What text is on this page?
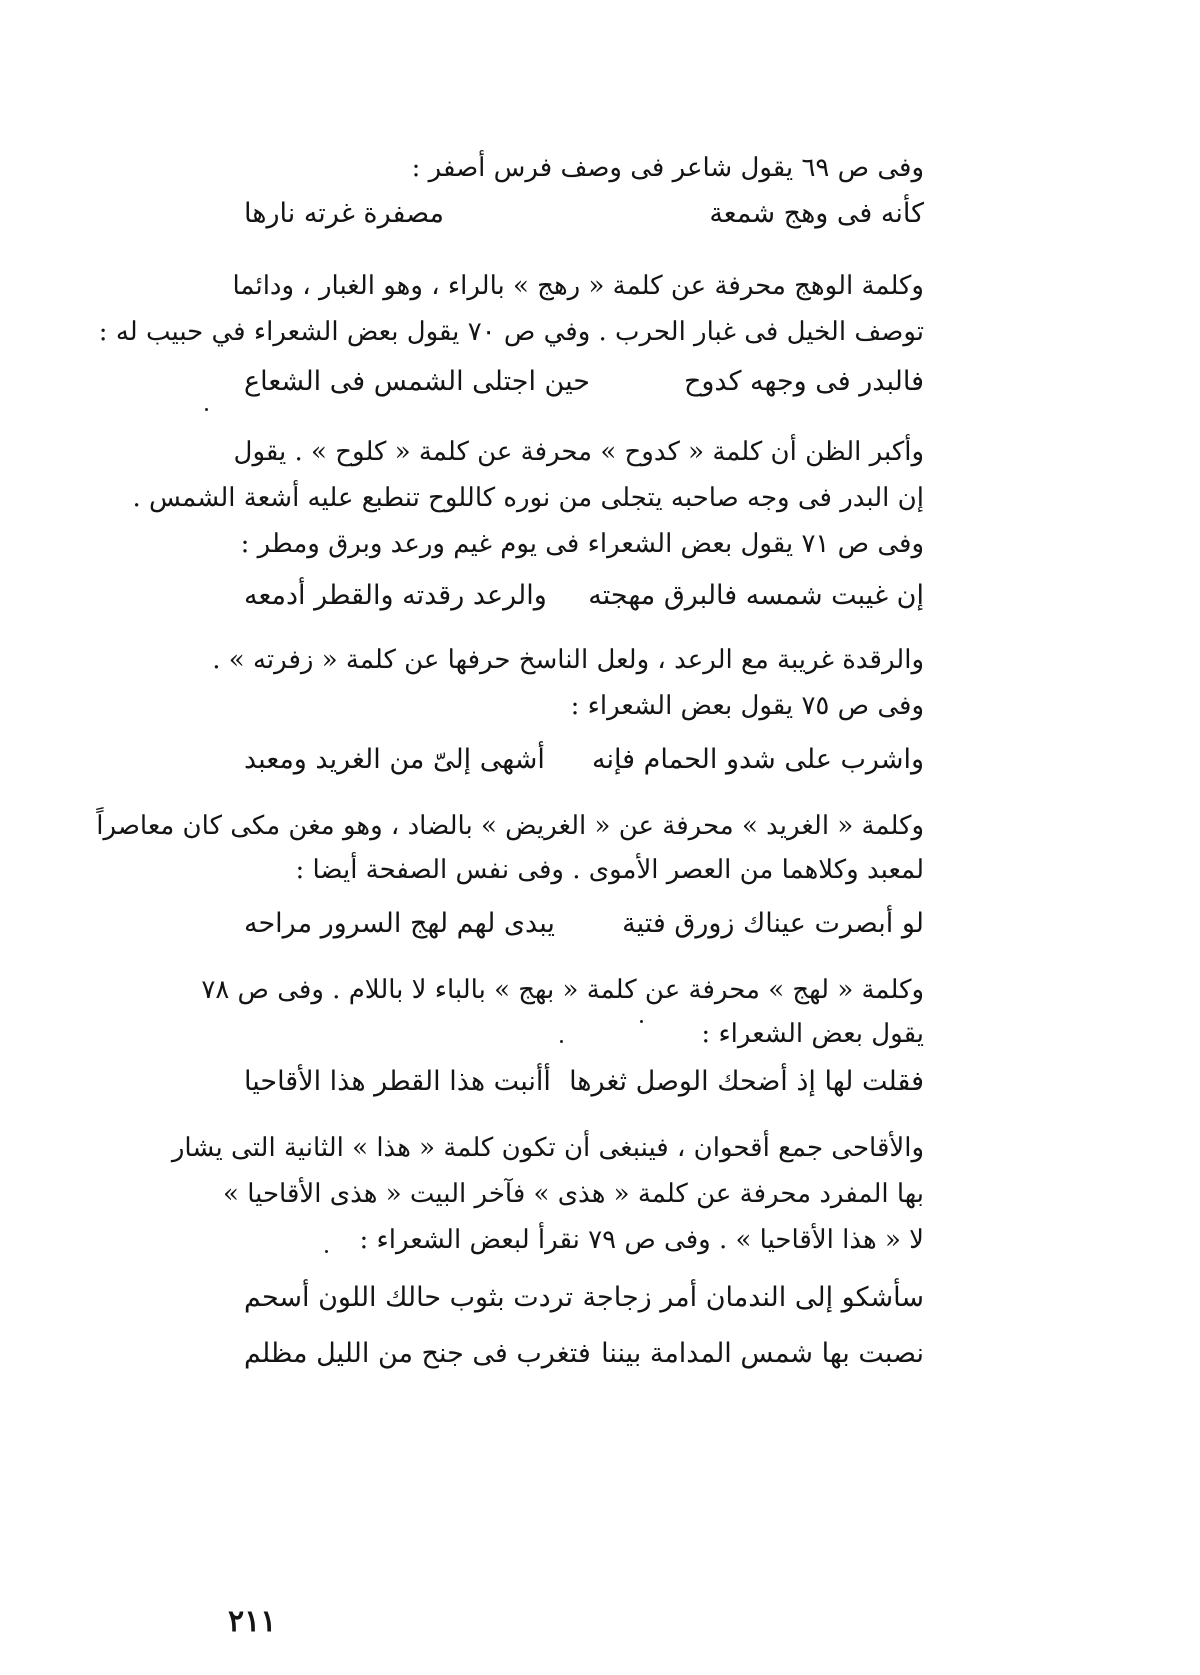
وفى ص ٦٩ يقول شاعر فى وصف فرس أصفر :
كأنه فى وهج شمعة
مصفرة غرته نارها
وكلمة الوهج محرفة عن كلمة « رهج » بالراء ، وهو الغبار ، ودائما
توصف الخيل فى غبار الحرب . وفي ص ٧٠ يقول بعض الشعراء في حبيب له :
فالبدر فى وجهه كدوح
حين اجتلى الشمس فى الشعاع
وأكبر الظن أن كلمة « كدوح » محرفة عن كلمة « كلوح » . يقول
إن البدر فى وجه صاحبه يتجلى من نوره كاللوح تنطبع عليه أشعة الشمس .
وفى ص ٧١ يقول بعض الشعراء فى يوم غيم ورعد وبرق ومطر :
إن غيبت شمسه فالبرق مهجته
والرعد رقدته والقطر أدمعه
والرقدة غريبة مع الرعد ، ولعل الناسخ حرفها عن كلمة « زفرته » .
وفى ص ٧٥ يقول بعض الشعراء :
واشرب على شدو الحمام فإنه
أشهى إلىّ من الغريد ومعبد
وكلمة « الغريد » محرفة عن « الغريض » بالضاد ، وهو مغن مكى كان معاصراً
لمعبد وكلاهما من العصر الأموى . وفى نفس الصفحة أيضا :
لو أبصرت عيناك زورق فتية
يبدى لهم لهج السرور مراحه
وكلمة « لهج » محرفة عن كلمة « بهج » بالباء لا باللام . وفى ص ٧٨
يقول بعض الشعراء :
فقلت لها إذ أضحك الوصل ثغرها
أأنبت هذا القطر هذا الأقاحيا
والأقاحى جمع أقحوان ، فينبغى أن تكون كلمة « هذا » الثانية التى يشار
بها المفرد محرفة عن كلمة « هذى » فآخر البيت « هذى الأقاحيا »
لا « هذا الأقاحيا » . وفى ص ٧٩ نقرأ لبعض الشعراء :
سأشكو إلى الندمان أمر زجاجة
تردت بثوب حالك اللون أسحم
نصبت بها شمس المدامة بيننا
فتغرب فى جنح من الليل مظلم
٢١١
